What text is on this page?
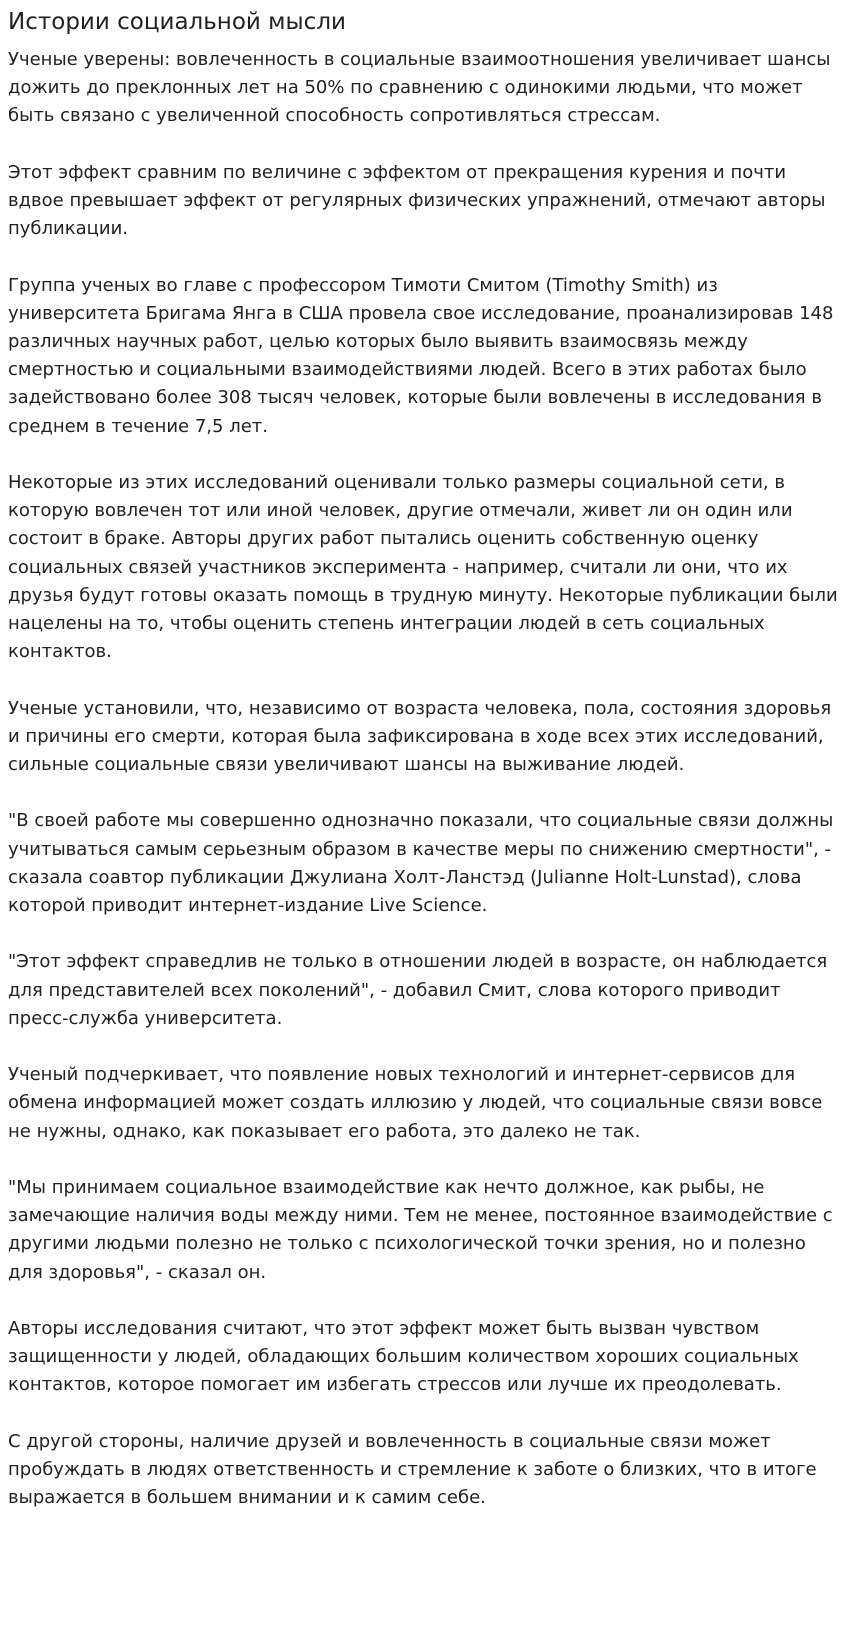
Истории социальной мысли

Ученые уверены: вовлеченность в социальные взаимоотношения увеличивает шансы дожить до преклонных лет на 50% по сравнению с одинокими людьми, что может быть связано с увеличенной способность сопротивляться стрессам.

Этот эффект сравним по величине с эффектом от прекращения курения и почти вдвое превышает эффект от регулярных физических упражнений, отмечают авторы публикации.

Группа ученых во главе с профессором Тимоти Смитом (Timothy Smith) из университета Бригама Янга в США провела свое исследование, проанализировав 148 различных научных работ, целью которых было выявить взаимосвязь между смертностью и социальными взаимодействиями людей. Всего в этих работах было задействовано более 308 тысяч человек, которые были вовлечены в исследования в среднем в течение 7,5 лет.

Некоторые из этих исследований оценивали только размеры социальной сети, в которую вовлечен тот или иной человек, другие отмечали, живет ли он один или состоит в браке. Авторы других работ пытались оценить собственную оценку социальных связей участников эксперимента - например, считали ли они, что их друзья будут готовы оказать помощь в трудную минуту. Некоторые публикации были нацелены на то, чтобы оценить степень интеграции людей в сеть социальных контактов.

Ученые установили, что, независимо от возраста человека, пола, состояния здоровья и причины его смерти, которая была зафиксирована в ходе всех этих исследований, сильные социальные связи увеличивают шансы на выживание людей.

"В своей работе мы совершенно однозначно показали, что социальные связи должны учитываться самым серьезным образом в качестве меры по снижению смертности", - сказала соавтор публикации Джулиана Холт-Ланстэд (Julianne Holt-Lunstad), слова которой приводит интернет-издание Live Science.

"Этот эффект справедлив не только в отношении людей в возрасте, он наблюдается для представителей всех поколений", - добавил Смит, слова которого приводит пресс-служба университета.

Ученый подчеркивает, что появление новых технологий и интернет-сервисов для обмена информацией может создать иллюзию у людей, что социальные связи вовсе не нужны, однако, как показывает его работа, это далеко не так.

"Мы принимаем социальное взаимодействие как нечто должное, как рыбы, не замечающие наличия воды между ними. Тем не менее, постоянное взаимодействие с другими людьми полезно не только с психологической точки зрения, но и полезно для здоровья", - сказал он.

Авторы исследования считают, что этот эффект может быть вызван чувством защищенности у людей, обладающих большим количеством хороших социальных контактов, которое помогает им избегать стрессов или лучше их преодолевать.

С другой стороны, наличие друзей и вовлеченность в социальные связи может пробуждать в людях ответственность и стремление к заботе о близких, что в итоге выражается в большем внимании и к самим себе.
